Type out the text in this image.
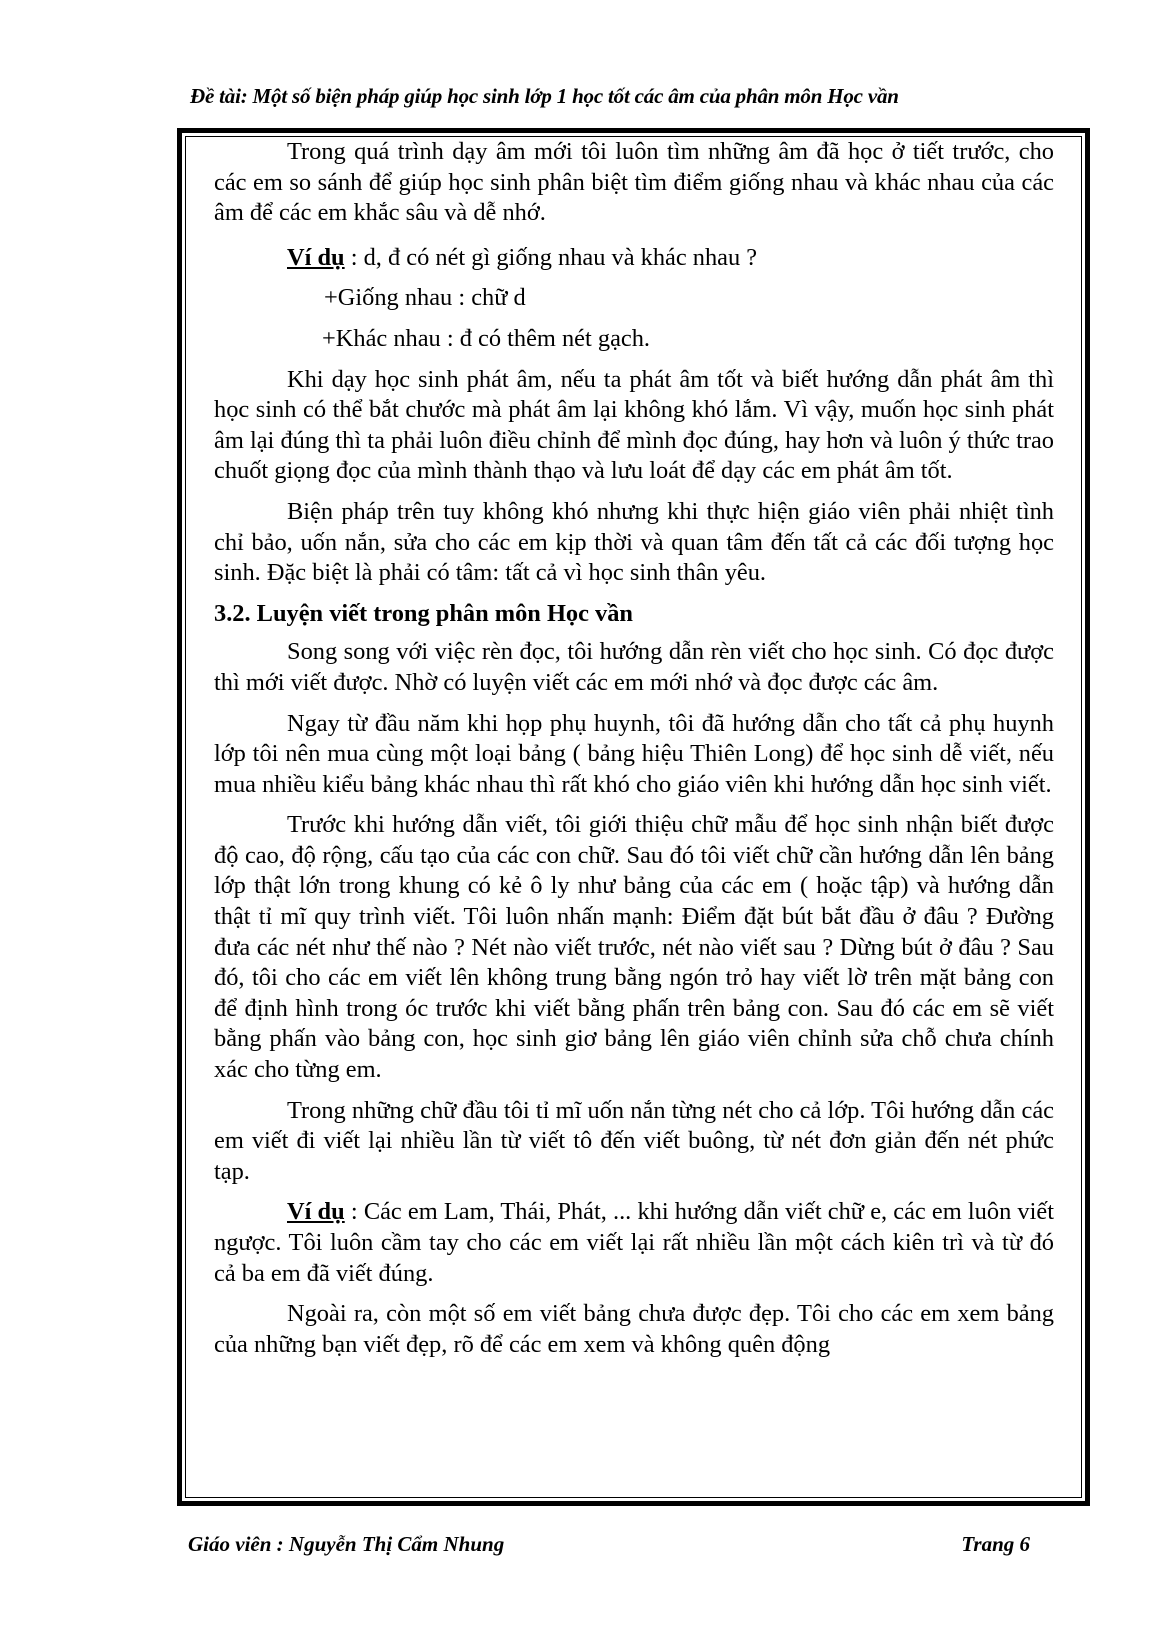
Đề tài: Một số biện pháp giúp học sinh lớp 1 học tốt các âm của phân môn Học vần

Trong quá trình dạy âm mới tôi luôn tìm những âm đã học ở tiết trước, cho các em so sánh để giúp học sinh phân biệt tìm điểm giống nhau và khác nhau của các âm để các em khắc sâu và dễ nhớ.

Ví dụ : d, đ có nét gì giống nhau và khác nhau ?

+Giống nhau : chữ d

+Khác nhau : đ có thêm nét gạch.

Khi dạy học sinh phát âm, nếu ta phát âm tốt và biết hướng dẫn phát âm thì học sinh có thể bắt chước mà phát âm lại không khó lắm. Vì vậy, muốn học sinh phát âm lại đúng thì ta phải luôn điều chỉnh để mình đọc đúng, hay hơn và luôn ý thức trao chuốt giọng đọc của mình thành thạo và lưu loát để dạy các em phát âm tốt.

Biện pháp trên tuy không khó nhưng khi thực hiện giáo viên phải nhiệt tình chỉ bảo, uốn nắn, sửa cho các em kịp thời và quan tâm đến tất cả các đối tượng học sinh. Đặc biệt là phải có tâm: tất cả vì học sinh thân yêu.

3.2. Luyện viết trong phân môn Học vần

Song song với việc rèn đọc, tôi hướng dẫn rèn viết cho học sinh. Có đọc được thì mới viết được. Nhờ có luyện viết các em mới nhớ và đọc được các âm.

Ngay từ đầu năm khi họp phụ huynh, tôi đã hướng dẫn cho tất cả phụ huynh lớp tôi nên mua cùng một loại bảng ( bảng hiệu Thiên Long) để học sinh dễ viết, nếu mua nhiều kiểu bảng khác nhau thì rất khó cho giáo viên khi hướng dẫn học sinh viết.

Trước khi hướng dẫn viết, tôi giới thiệu chữ mẫu để học sinh nhận biết được độ cao, độ rộng, cấu tạo của các con chữ. Sau đó tôi viết chữ cần hướng dẫn lên bảng lớp thật lớn trong khung có kẻ ô ly như bảng của các em ( hoặc tập) và hướng dẫn thật tỉ mĩ quy trình viết. Tôi luôn nhấn mạnh: Điểm đặt bút bắt đầu ở đâu ? Đường đưa các nét như thế nào ? Nét nào viết trước, nét nào viết sau ? Dừng bút ở đâu ? Sau đó, tôi cho các em viết lên không trung bằng ngón trỏ hay viết lờ trên mặt bảng con để định hình trong óc trước khi viết bằng phấn trên bảng con. Sau đó các em sẽ viết bằng phấn vào bảng con, học sinh giơ bảng lên giáo viên chỉnh sửa chỗ chưa chính xác cho từng em.

Trong những chữ đầu tôi tỉ mĩ uốn nắn từng nét cho cả lớp. Tôi hướng dẫn các em viết đi viết lại nhiều lần từ viết tô đến viết buông, từ nét đơn giản đến nét phức tạp.

Ví dụ : Các em Lam, Thái, Phát, ... khi hướng dẫn viết chữ e, các em luôn viết ngược. Tôi luôn cầm tay cho các em viết lại rất nhiều lần một cách kiên trì và từ đó cả ba em đã viết đúng.

Ngoài ra, còn một số em viết bảng chưa được đẹp. Tôi cho các em xem bảng của những bạn viết đẹp, rõ để các em xem và không quên động

Giáo viên : Nguyễn Thị Cẩm Nhung	Trang 6
